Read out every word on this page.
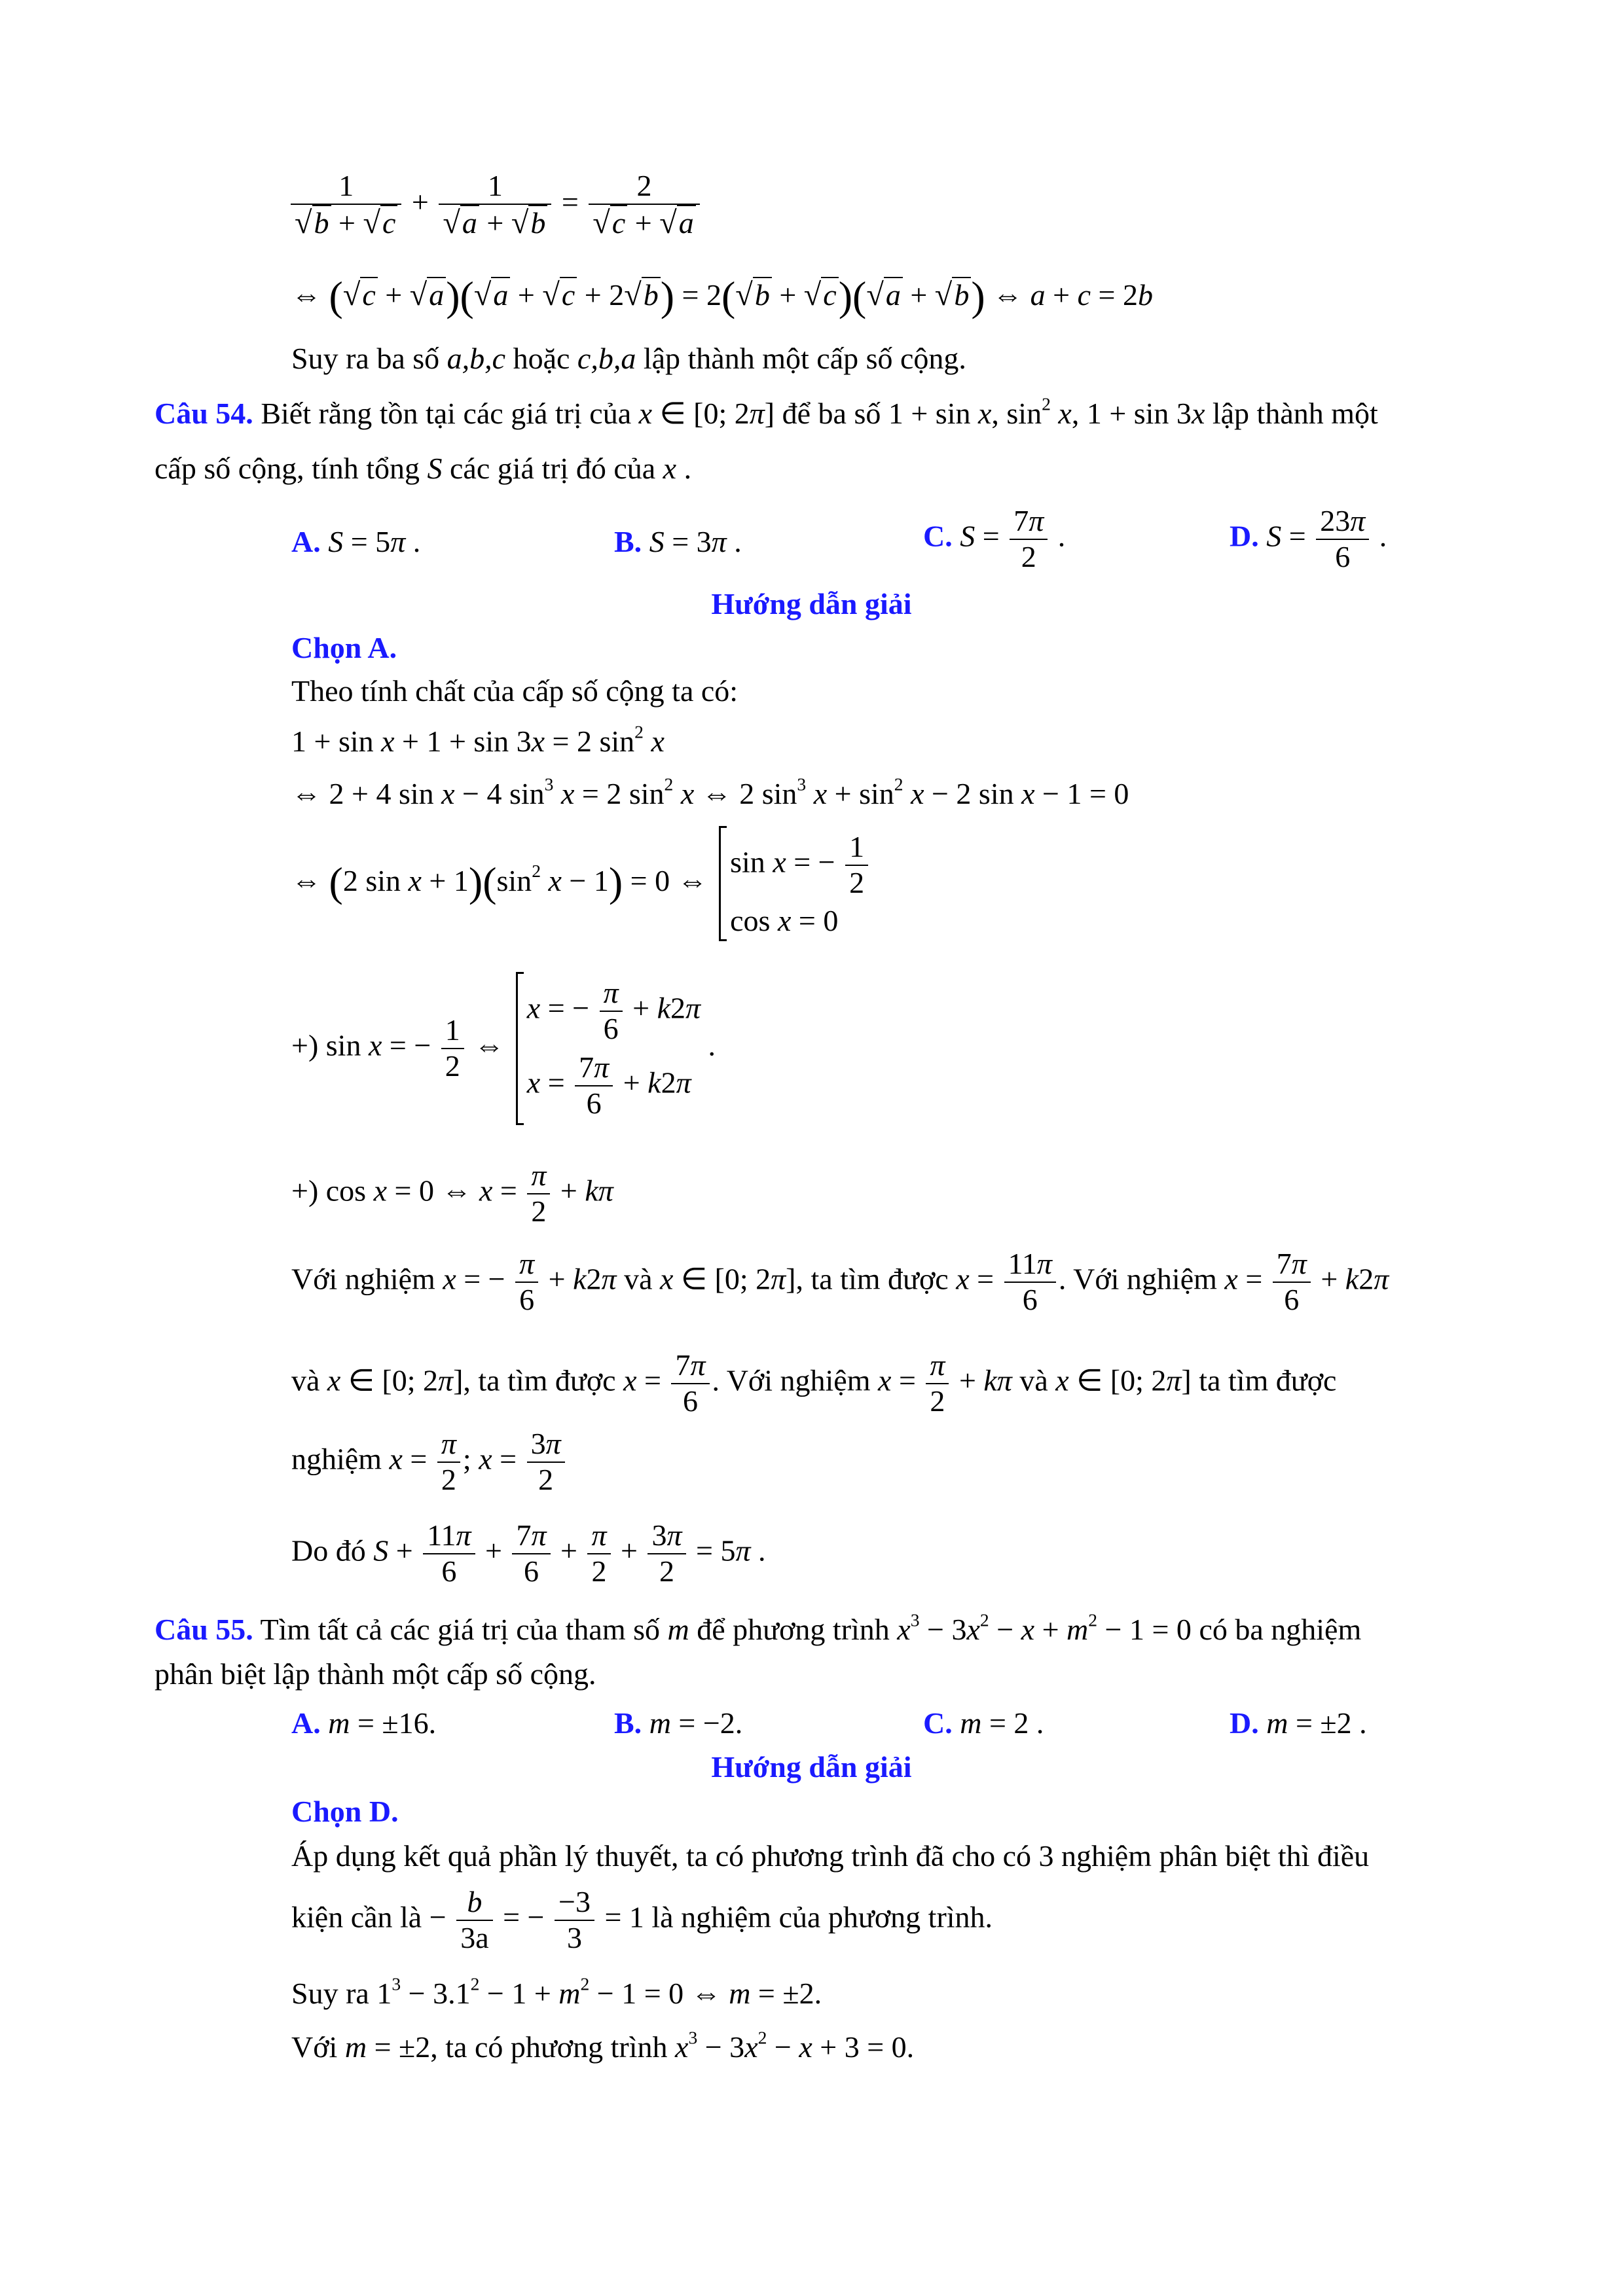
$\frac{1}{√b + √c} + \frac{1}{√a + √b} = \frac{2}{√c + √a}$
⇔ (√c + √a)(√a + √c + 2√b) = 2(√b + √c)(√a + √b) ⇔ a + c = 2b
Suy ra ba số a,b,c hoặc c,b,a lập thành một cấp số cộng.
Câu 54. Biết rằng tồn tại các giá trị của x ∈ [0; 2π] để ba số 1 + sin x, $\sin^2 x$, 1 + sin 3x lập thành một
cấp số cộng, tính tổng S các giá trị đó của x .
A. S = 5π .	B. S = 3π .	C. $S = \frac{7\pi}{2}$ .	D. $S = \frac{23\pi}{6}$ .
Hướng dẫn giải
Chọn A.
Theo tính chất của cấp số cộng ta có:
1 + sin x + 1 + sin 3x = 2 $\sin^2 x$
⇔ 2 + 4 sin x − 4 $\sin^3 x = 2$ $\sin^2 x$ ⇔ 2 $\sin^3 x + \sin^2 x - 2$ sin x − 1 = 0
⇔ (2 $\sin x + 1)(\sin^2$ x − 1) = 0 ⇔
sin x = − $\frac{1}{2}$
cos x = 0
+) sin x = − $\frac{1}{2}$ ⇔
x = − $\frac{\pi}{6} + k2\pi$
$x = \frac{7\pi}{6} + k2\pi$
.
+) cos x = 0 ⇔ $x = \frac{\pi}{2} + k\pi$
Với nghiệm x = − $\frac{\pi}{6} + k2\pi$ và x ∈ [0; 2π], ta tìm được $x = \frac{11\pi}{6}$ . Với nghiệm $x = \frac{7\pi}{6} + k2\pi$
và x ∈ [0; 2π], ta tìm được $x = \frac{7\pi}{6}$ . Với nghiệm $x = \frac{\pi}{2} + k\pi$ và x ∈ [0; 2π] ta tìm được
nghiệm $x = \frac{\pi}{2}$ ; $x = \frac{3\pi}{2}$
Do đó $S + \frac{11\pi}{6} + \frac{7\pi}{6} + \frac{\pi}{2} + \frac{3\pi}{2} = 5\pi$ .
Câu 55. Tìm tất cả các giá trị của tham số m để phương trình $x^3 - 3x^2 - x + m^2 - 1 = 0$ có ba nghiệm
phân biệt lập thành một cấp số cộng.
A. m = ±16.	B. m = −2.	C. m = 2 .	D. m = ±2 .
Hướng dẫn giải
Chọn D.
Áp dụng kết quả phần lý thuyết, ta có phương trình đã cho có 3 nghiệm phân biệt thì điều
kiện cần là − $\frac{b}{3a}$ = − $\frac{-3}{3} = 1$ là nghiệm của phương trình.
Suy ra $1^3 - 3.1^2 - 1 + m^2 - 1 = 0$ ⇔ m = ±2.
Với m = ±2, ta có phương trình $x^3 - 3x^2 - x + 3 = 0$.
